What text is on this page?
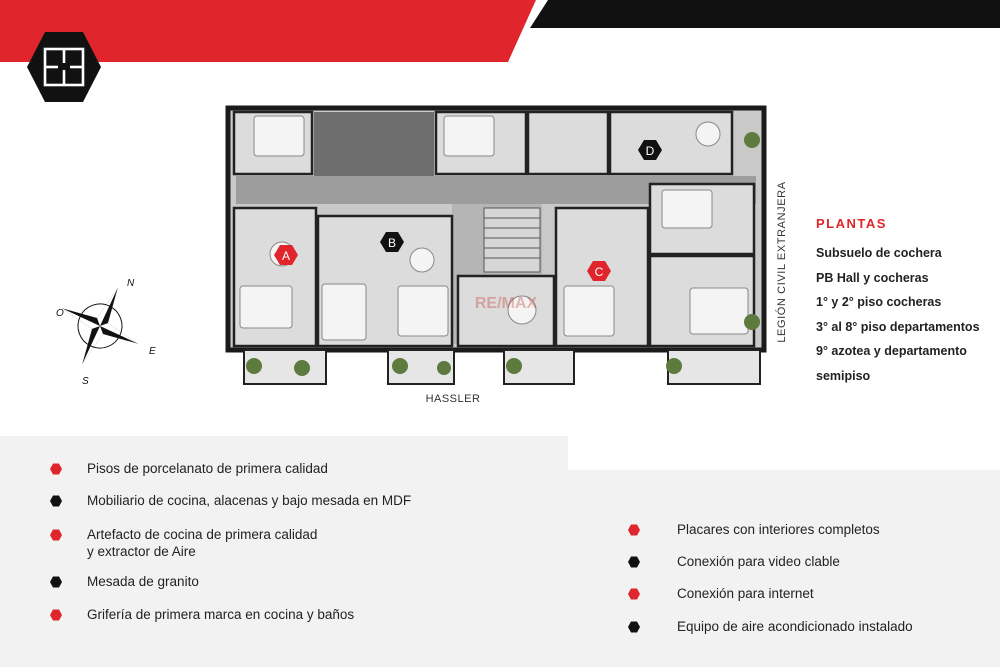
RE/MAX
A
B
C
D
HASSLER
LEGIÓN CIVIL EXTRANJERA
N
O
E
S
PLANTAS
Subsuelo de cochera
PB Hall y cocheras
1° y 2° piso cocheras
3° al 8° piso departamentos
9° azotea y departamento
semipiso
Pisos de porcelanato de primera calidad
Mobiliario de cocina, alacenas y bajo mesada en MDF
Artefacto de cocina de primera calidad
y extractor de Aire
Mesada de granito
Grifería de primera marca en cocina y baños
Placares con interiores completos
Conexión para video clable
Conexión para internet
Equipo de aire acondicionado instalado
